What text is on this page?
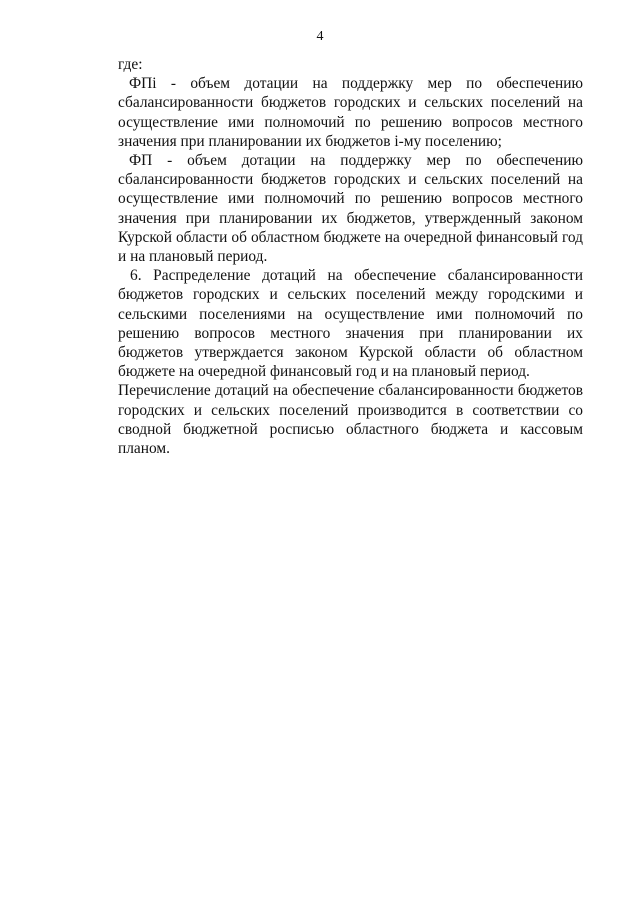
4

где:

ФПi - объем дотации на поддержку мер по обеспечению сбалансированности бюджетов городских и сельских поселений на осуществление ими полномочий по решению вопросов местного значения при планировании их бюджетов i-му поселению;

ФП - объем дотации на поддержку мер по обеспечению сбалансированности бюджетов городских и сельских поселений на осуществление ими полномочий по решению вопросов местного значения при планировании их бюджетов, утвержденный законом Курской области об областном бюджете на очередной финансовый год и на плановый период.

6. Распределение дотаций на обеспечение сбалансированности бюджетов городских и сельских поселений между городскими и сельскими поселениями на осуществление ими полномочий по решению вопросов местного значения при планировании их бюджетов утверждается законом Курской области об областном бюджете на очередной финансовый год и на плановый период.

Перечисление дотаций на обеспечение сбалансированности бюджетов городских и сельских поселений производится в соответствии со сводной бюджетной росписью областного бюджета и кассовым планом.
